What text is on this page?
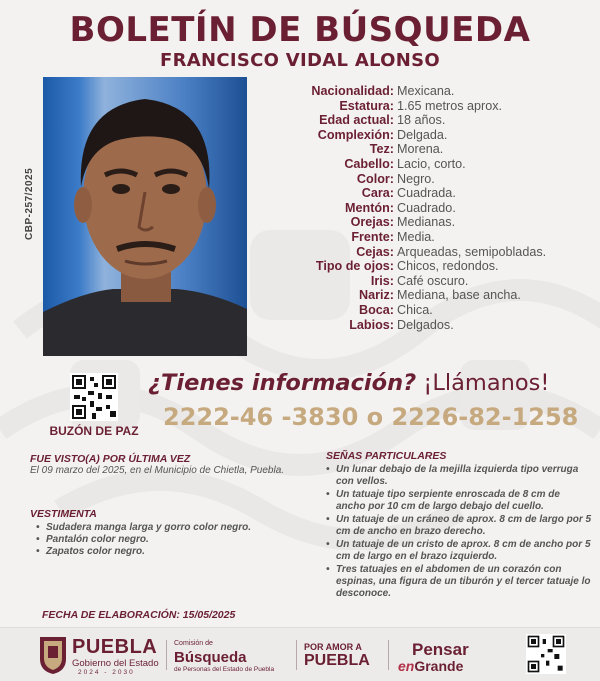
BOLETÍN DE BÚSQUEDA
FRANCISCO VIDAL ALONSO
CBP-257/2025
Nacionalidad: Mexicana.
Estatura: 1.65 metros aprox.
Edad actual: 18 años.
Complexión: Delgada.
Tez: Morena.
Cabello: Lacio, corto.
Color: Negro.
Cara: Cuadrada.
Mentón: Cuadrado.
Orejas: Medianas.
Frente: Media.
Cejas: Arqueadas, semipobladas.
Tipo de ojos: Chicos, redondos.
Iris: Café oscuro.
Nariz: Mediana, base ancha.
Boca: Chica.
Labios: Delgados.
BUZÓN DE PAZ
¿Tienes información? ¡Llámanos!
2222-46 -3830 o 2226-82-1258
FUE VISTO(A) POR ÚLTIMA VEZ
El 09 marzo del 2025, en el Municipio de Chietla, Puebla.
VESTIMENTA
• Sudadera manga larga y gorro color negro.
• Pantalón color negro.
• Zapatos color negro.
SEÑAS PARTICULARES
• Un lunar debajo de la mejilla izquierda tipo verruga con vellos.
• Un tatuaje tipo serpiente enroscada de 8 cm de ancho por 10 cm de largo debajo del cuello.
• Un tatuaje de un cráneo de aprox. 8 cm de largo por 5 cm de ancho en brazo derecho.
• Un tatuaje de un cristo de aprox. 8 cm de ancho por 5 cm de largo en el brazo izquierdo.
• Tres tatuajes en el abdomen de un corazón con espinas, una figura de un tiburón y el tercer tatuaje lo desconoce.
FECHA DE ELABORACIÓN: 15/05/2025
PUEBLA
Gobierno del Estado
2024 - 2030
Comisión de
Búsqueda
de Personas del Estado de Puebla
POR AMOR A
PUEBLA
Pensar
enGrande
